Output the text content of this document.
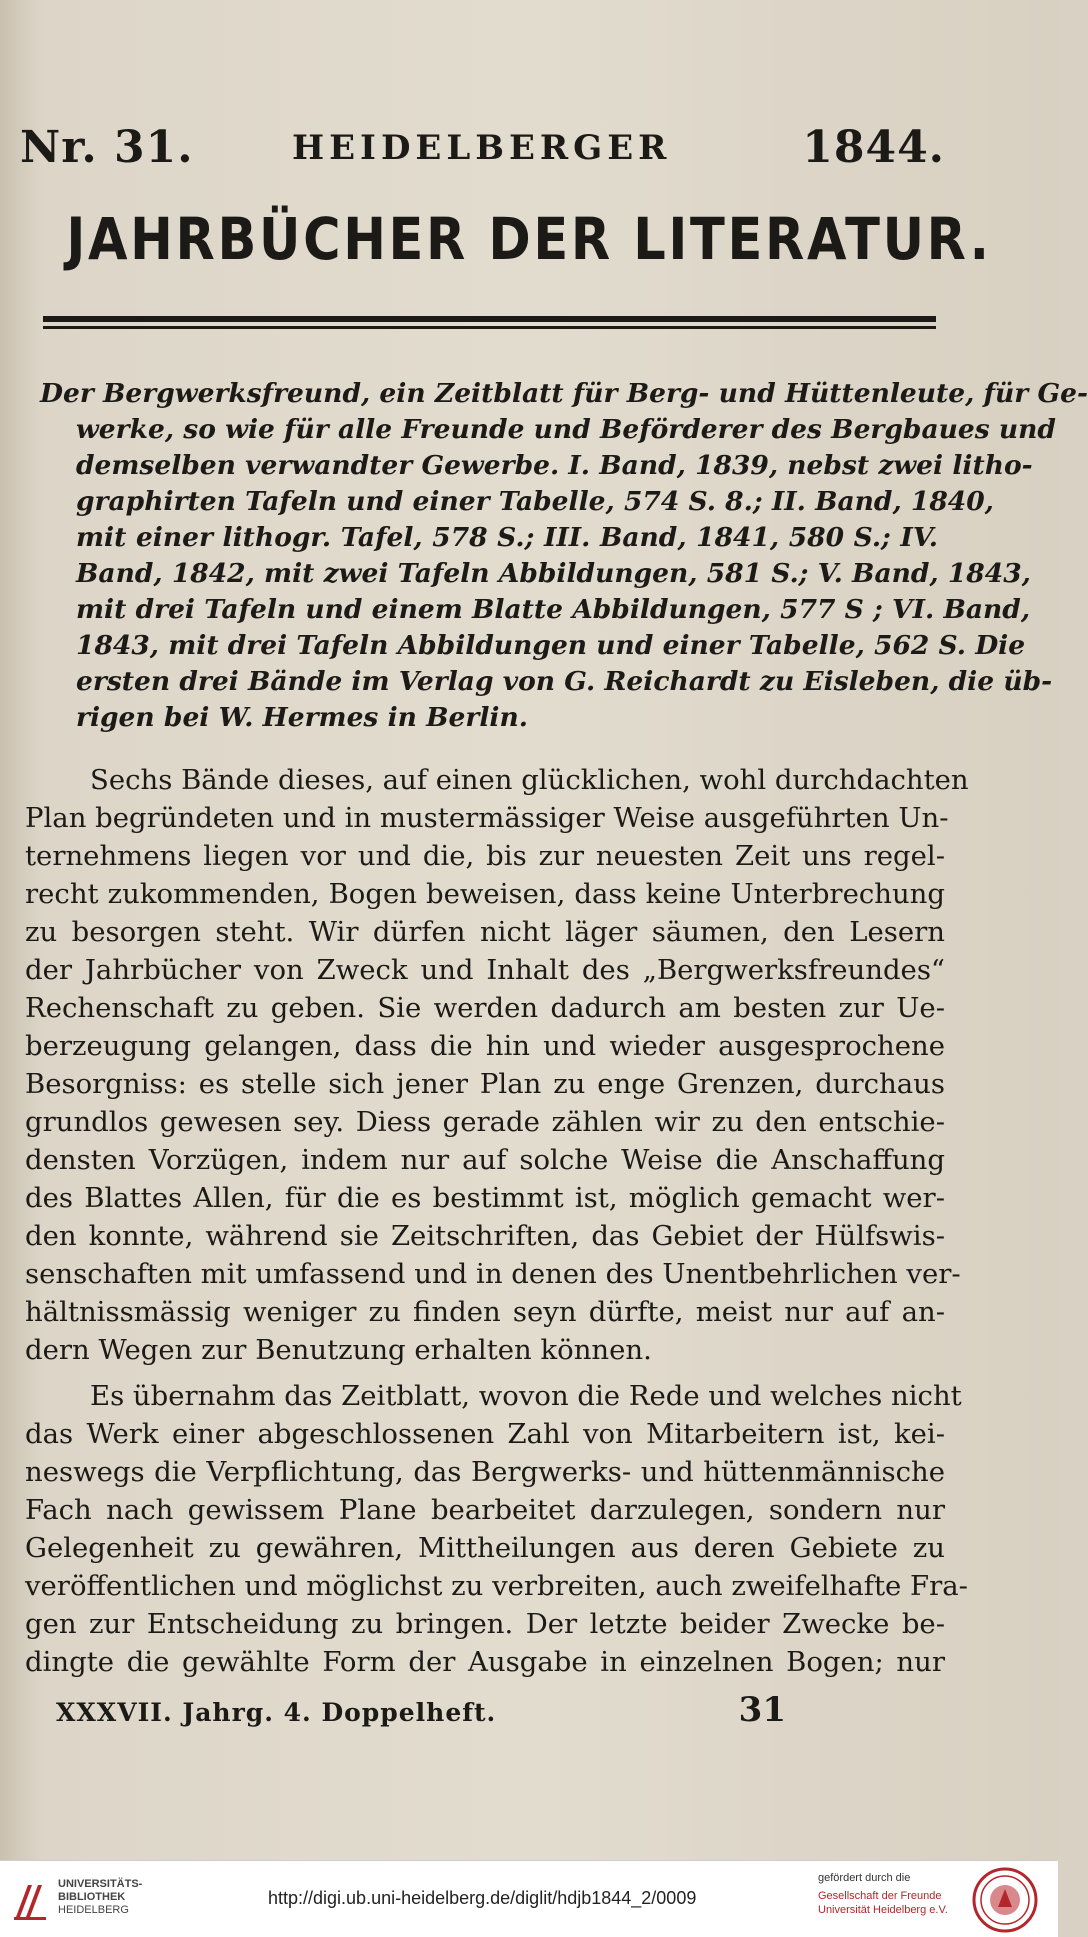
Nr. 31.	HEIDELBERGER	1844.
JAHRBÜCHER DER LITERATUR.
Der Bergwerksfreund, ein Zeitblatt für Berg- und Hüttenleute, für Ge-
werke, so wie für alle Freunde und Beförderer des Bergbaues und
demselben verwandter Gewerbe. I. Band, 1839, nebst zwei litho-
graphirten Tafeln und einer Tabelle, 574 S. 8.; II. Band, 1840,
mit einer lithogr. Tafel, 578 S.; III. Band, 1841, 580 S.; IV.
Band, 1842, mit zwei Tafeln Abbildungen, 581 S.; V. Band, 1843,
mit drei Tafeln und einem Blatte Abbildungen, 577 S ; VI. Band,
1843, mit drei Tafeln Abbildungen und einer Tabelle, 562 S. Die
ersten drei Bände im Verlag von G. Reichardt zu Eisleben, die üb-
rigen bei W. Hermes in Berlin.
Sechs Bände dieses, auf einen glücklichen, wohl durchdachten
Plan begründeten und in mustermässiger Weise ausgeführten Un-
ternehmens liegen vor und die, bis zur neuesten Zeit uns regel-
recht zukommenden, Bogen beweisen, dass keine Unterbrechung
zu besorgen steht. Wir dürfen nicht läger säumen, den Lesern
der Jahrbücher von Zweck und Inhalt des „Bergwerksfreundes“
Rechenschaft zu geben. Sie werden dadurch am besten zur Ue-
berzeugung gelangen, dass die hin und wieder ausgesprochene
Besorgniss: es stelle sich jener Plan zu enge Grenzen, durchaus
grundlos gewesen sey. Diess gerade zählen wir zu den entschie-
densten Vorzügen, indem nur auf solche Weise die Anschaffung
des Blattes Allen, für die es bestimmt ist, möglich gemacht wer-
den konnte, während sie Zeitschriften, das Gebiet der Hülfswis-
senschaften mit umfassend und in denen des Unentbehrlichen ver-
hältnissmässig weniger zu finden seyn dürfte, meist nur auf an-
dern Wegen zur Benutzung erhalten können.
Es übernahm das Zeitblatt, wovon die Rede und welches nicht
das Werk einer abgeschlossenen Zahl von Mitarbeitern ist, kei-
neswegs die Verpflichtung, das Bergwerks- und hüttenmännische
Fach nach gewissem Plane bearbeitet darzulegen, sondern nur
Gelegenheit zu gewähren, Mittheilungen aus deren Gebiete zu
veröffentlichen und möglichst zu verbreiten, auch zweifelhafte Fra-
gen zur Entscheidung zu bringen. Der letzte beider Zwecke be-
dingte die gewählte Form der Ausgabe in einzelnen Bogen; nur
XXXVII. Jahrg. 4. Doppelheft.	31
UNIVERSITÄTS-
BIBLIOTHEK
HEIDELBERG
http://digi.ub.uni-heidelberg.de/diglit/hdjb1844_2/0009
gefördert durch die
Gesellschaft der Freunde
Universität Heidelberg e.V.
